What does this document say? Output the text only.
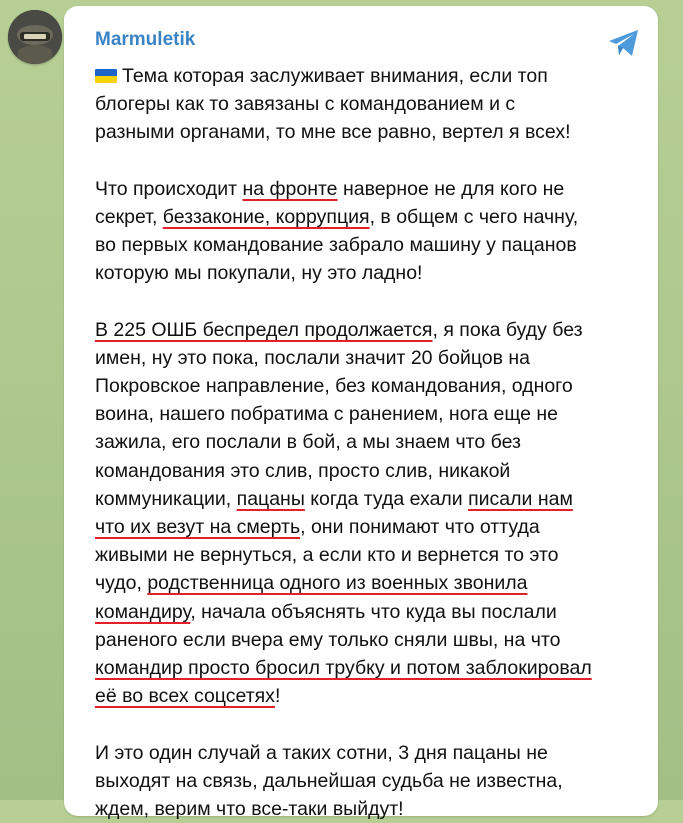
Marmuletik
Тема которая заслуживает внимания, если топ
блогеры как то завязаны с командованием и с
разными органами, то мне все равно, вертел я всех!
Что происходит на фронте наверное не для кого не
секрет, беззаконие, коррупция, в общем с чего начну,
во первых командование забрало машину у пацанов
которую мы покупали, ну это ладно!
В 225 ОШБ беспредел продолжается, я пока буду без
имен, ну это пока, послали значит 20 бойцов на
Покровское направление, без командования, одного
воина, нашего побратима с ранением, нога еще не
зажила, его послали в бой, а мы знаем что без
командования это слив, просто слив, никакой
коммуникации, пацаны когда туда ехали писали нам
что их везут на смерть, они понимают что оттуда
живыми не вернуться, а если кто и вернется то это
чудо, родственница одного из военных звонила
командиру, начала объяснять что куда вы послали
раненого если вчера ему только сняли швы, на что
командир просто бросил трубку и потом заблокировал
её во всех соцсетях!
И это один случай а таких сотни, 3 дня пацаны не
выходят на связь, дальнейшая судьба не известна,
ждем, верим что все-таки выйдут!
